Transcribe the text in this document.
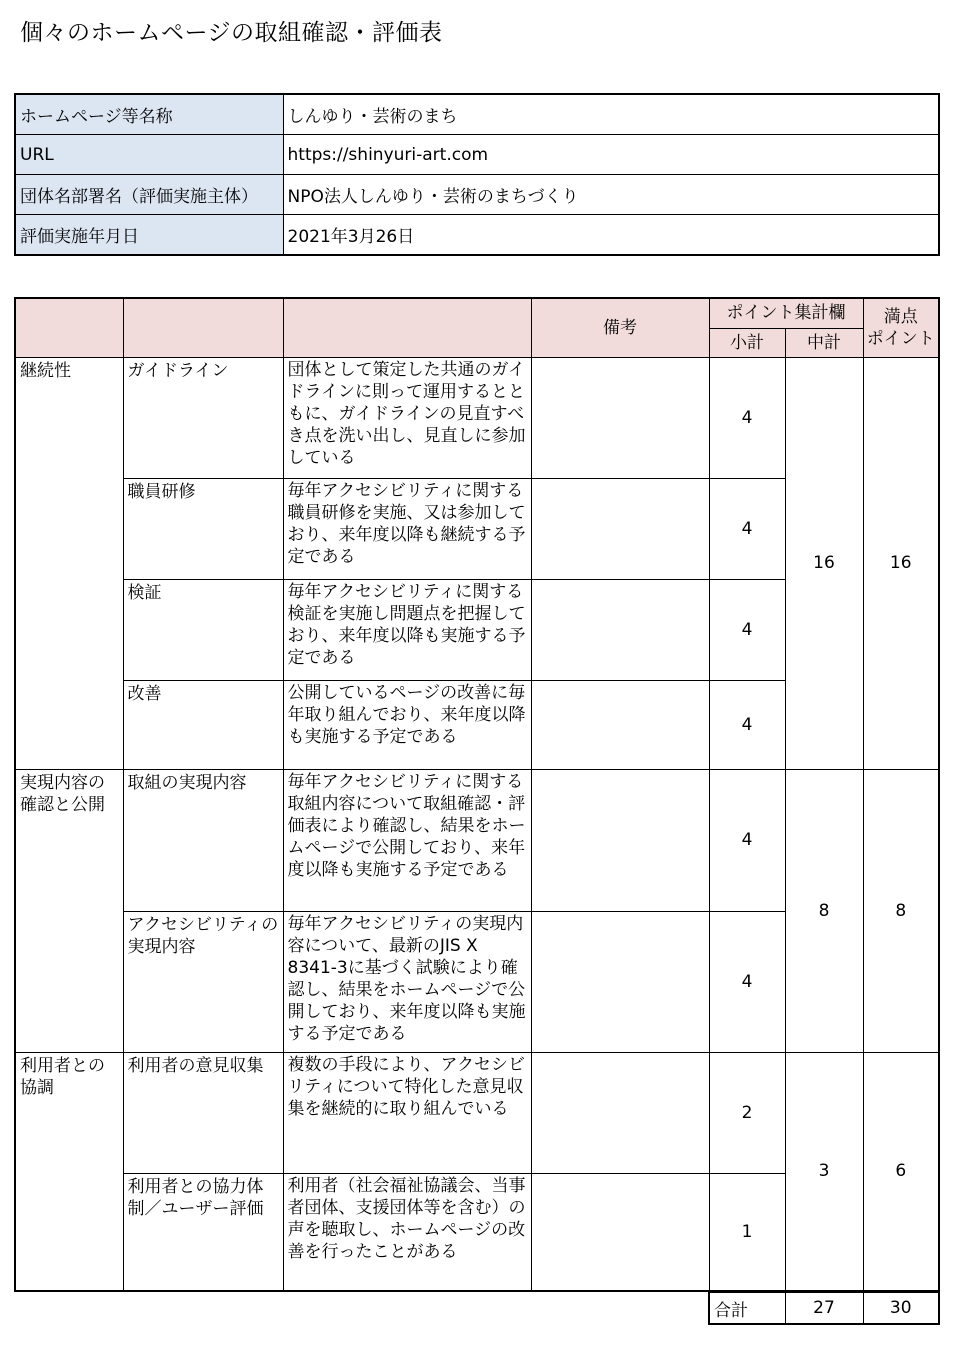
個々のホームページの取組確認・評価表
ホームページ等名称	しんゆり・芸術のまち
URL	https://shinyuri-art.com
団体名部署名（評価実施主体）	NPO法人しんゆり・芸術のまちづくり
評価実施年月日	2021年3月26日
			備考	ポイント集計欄		満点
ポイント
				小計	中計	
継続性	ガイドライン	団体として策定した共通のガイドラインに則って運用するとともに、ガイドラインの見直すべき点を洗い出し、見直しに参加している		4	16	16
	職員研修	毎年アクセシビリティに関する職員研修を実施、又は参加しており、来年度以降も継続する予定である		4		
	検証	毎年アクセシビリティに関する検証を実施し問題点を把握しており、来年度以降も実施する予定である		4		
	改善	公開しているページの改善に毎年取り組んでおり、来年度以降も実施する予定である		4		
実現内容の確認と公開	取組の実現内容	毎年アクセシビリティに関する取組内容について取組確認・評価表により確認し、結果をホームページで公開しており、来年度以降も実施する予定である		4	8	8
	アクセシビリティの実現内容	毎年アクセシビリティの実現内容について、最新のJIS X 8341-3に基づく試験により確認し、結果をホームページで公開しており、来年度以降も実施する予定である		4		
利用者との協調	利用者の意見収集	複数の手段により、アクセシビリティについて特化した意見収集を継続的に取り組んでいる		2	3	6
	利用者との協力体制／ユーザー評価	利用者（社会福祉協議会、当事者団体、支援団体等を含む）の声を聴取し、ホームページの改善を行ったことがある		1		
合計	27	30
